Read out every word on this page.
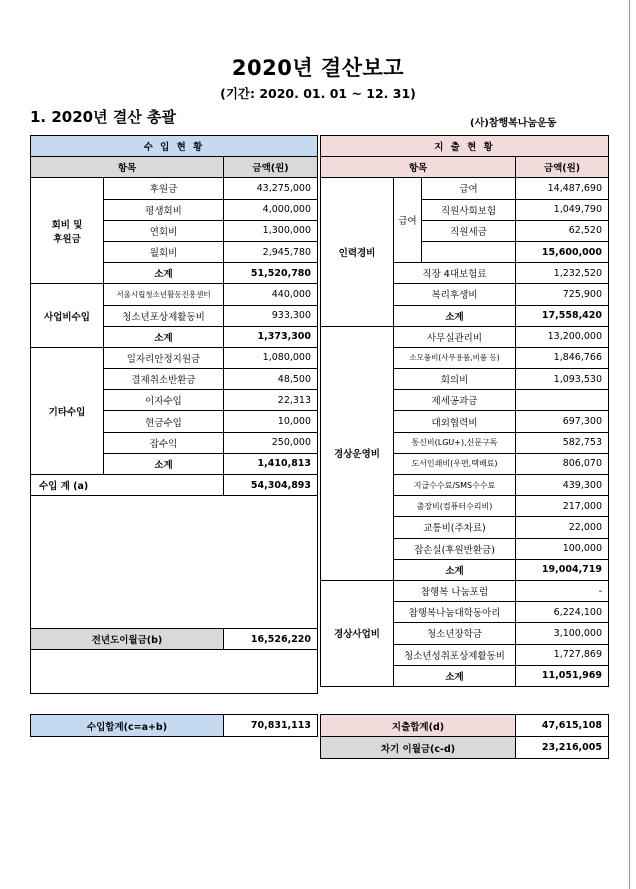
2020년 결산보고
(기간: 2020. 01. 01 ~ 12. 31)
1. 2020년 결산 총괄	(사)참행복나눔운동
수 입 현 황		
항목		금액(원)
회비 및
후원금	후원금	43,275,000
	평생회비	4,000,000
	연회비	1,300,000
	월회비	2,945,780
	소계	51,520,780
사업비수입	서울시립청소년활동진흥센터	440,000
	청소년포상제활동비	933,300
	소계	1,373,300
기타수입	일자리안정지원금	1,080,000
	결제취소반환금	48,500
	이자수입	22,313
	현금수입	10,000
	잡수익	250,000
	소계	1,410,813
수입 계 (a)		54,304,893

전년도이월금(b)		16,526,220

수입합계(c=a+b)	70,831,113
지 출 현 황			
항목			금액(원)
인력경비	급여	급여	14,487,690
		직원사회보험	1,049,790
		직원세금	62,520
			15,600,000
	직장 4대보험료		1,232,520
	복리후생비		725,900
	소계		17,558,420
경상운영비	사무실관리비		13,200,000
	소모품비(사무용품,비품 등)		1,846,766
	회의비		1,093,530
	제세공과금		
	대외협력비		697,300
	통신비(LGU+),신문구독		582,753
	도서인쇄비(우편,택배료)		806,070
	지급수수료/SMS수수료		439,300
	출장비(컴퓨터수리비)		217,000
	교통비(주차료)		22,000
	잡손실(후원반환금)		100,000
	소계		19,004,719
경상사업비	참행복 나눔포럼		-
	참행복나눔대학동아리		6,224,100
	청소년장학금		3,100,000
	청소년성취포상제활동비		1,727,869
	소계		11,051,969
지출합계(d)	47,615,108
차기 이월금(c-d)	23,216,005
